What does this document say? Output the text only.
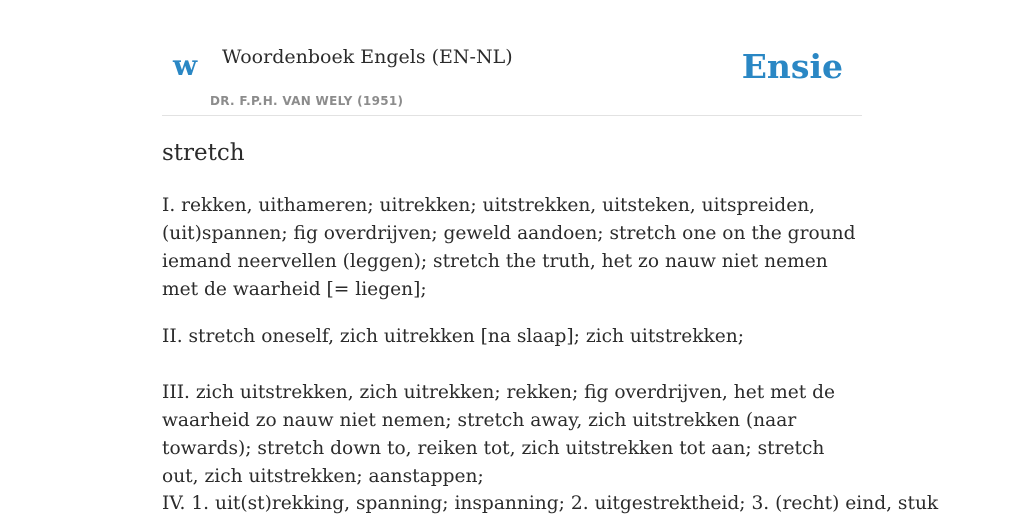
w Woordenboek Engels (EN-NL)
DR. F.P.H. VAN WELY (1951)
Ensie
stretch

I. rekken, uithameren; uitrekken; uitstrekken, uitsteken, uitspreiden, (uit)spannen; fig overdrijven; geweld aandoen; stretch one on the ground iemand neervellen (leggen); stretch the truth, het zo nauw niet nemen met de waarheid [= liegen];

II. stretch oneself, zich uitrekken [na slaap]; zich uitstrekken;

III. zich uitstrekken, zich uitrekken; rekken; fig overdrijven, het met de waarheid zo nauw niet nemen; stretch away, zich uitstrekken (naar towards); stretch down to, reiken tot, zich uitstrekken tot aan; stretch out, zich uitstrekken; aanstappen;

IV. 1. uit(st)rekking, spanning; inspanning; 2. uitgestrektheid; 3. (recht) eind, stuk
